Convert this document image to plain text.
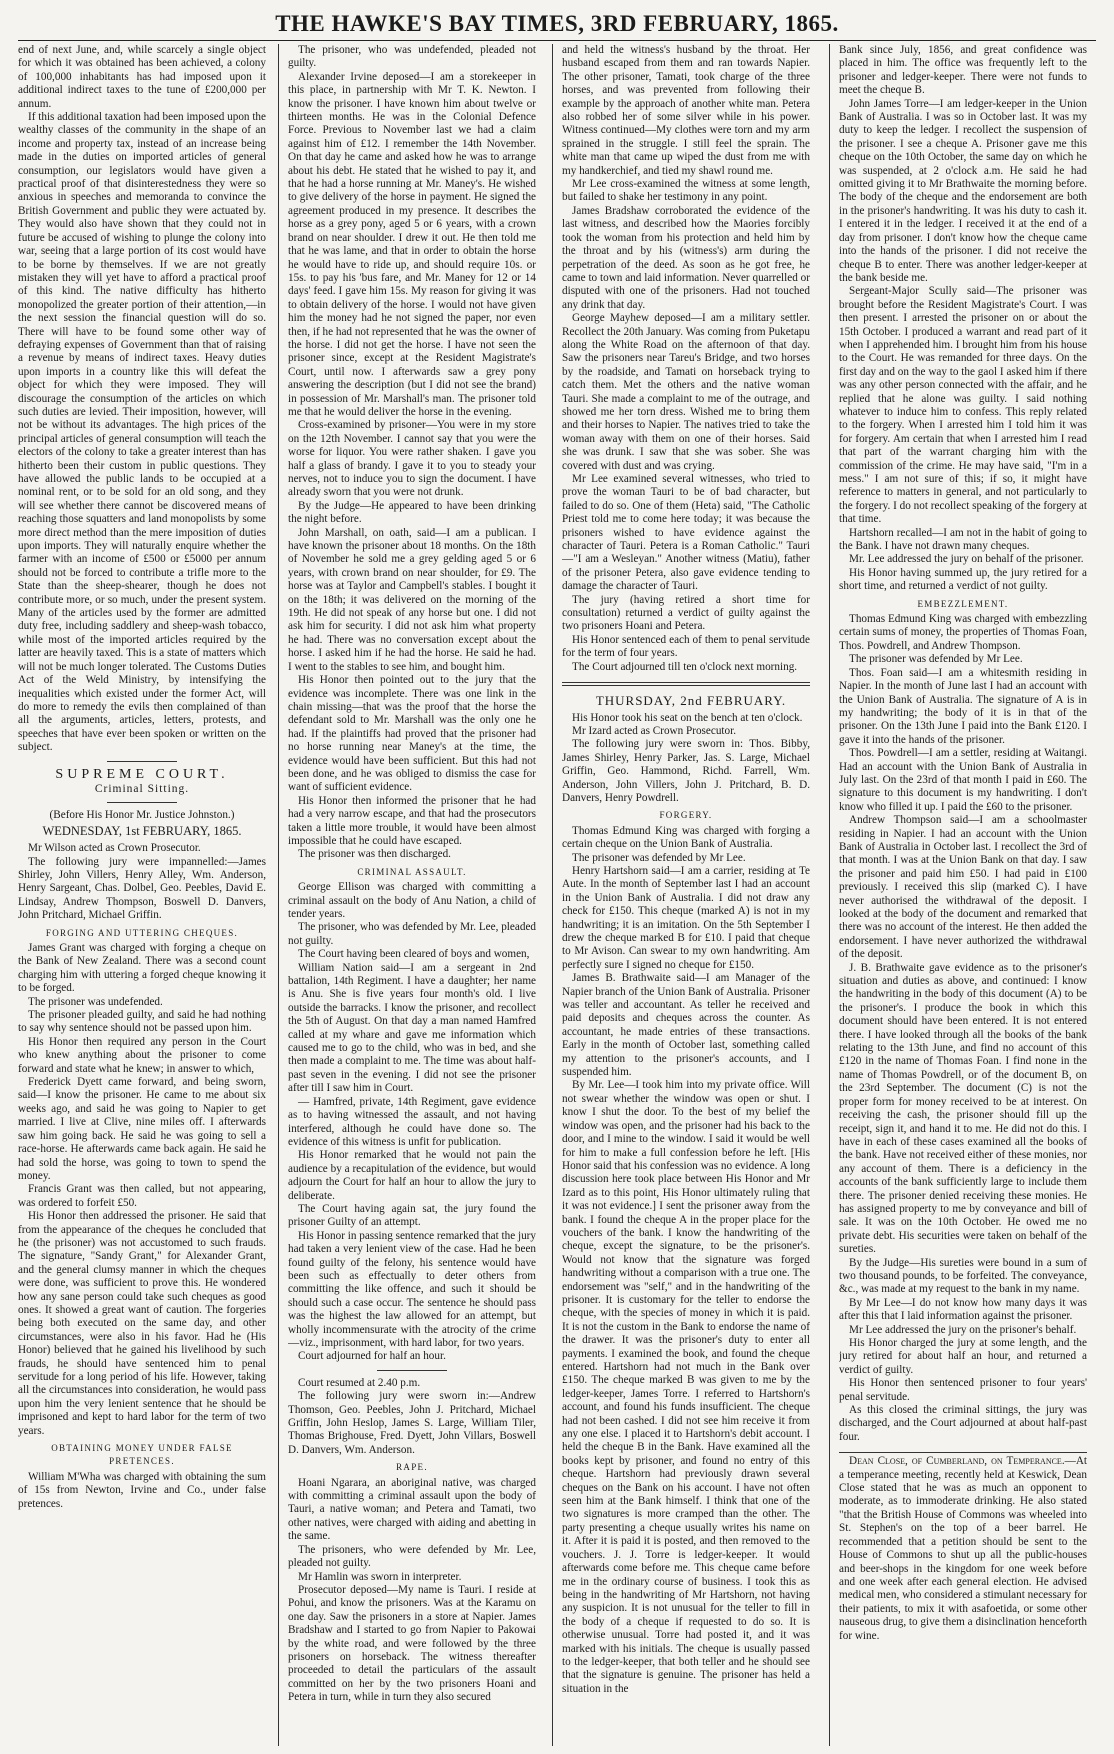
THE HAWKE'S BAY TIMES, 3RD FEBRUARY, 1865.

end of next June, and, while scarcely a single object for which it was obtained has been achieved, a colony of 100,000 inhabitants has had imposed upon it additional indirect taxes to the tune of £200,000 per annum.

If this additional taxation had been imposed upon the wealthy classes of the community in the shape of an income and property tax, instead of an increase being made in the duties on imported articles of general consumption, our legislators would have given a practical proof of that disinterestedness they were so anxious in speeches and memoranda to convince the British Government and public they were actuated by. They would also have shown that they could not in future be accused of wishing to plunge the colony into war, seeing that a large portion of its cost would have to be borne by themselves. If we are not greatly mistaken they will yet have to afford a practical proof of this kind. The native difficulty has hitherto monopolized the greater portion of their attention,—in the next session the financial question will do so. There will have to be found some other way of defraying expenses of Government than that of raising a revenue by means of indirect taxes. Heavy duties upon imports in a country like this will defeat the object for which they were imposed. They will discourage the consumption of the articles on which such duties are levied. Their imposition, however, will not be without its advantages. The high prices of the principal articles of general consumption will teach the electors of the colony to take a greater interest than has hitherto been their custom in public questions. They have allowed the public lands to be occupied at a nominal rent, or to be sold for an old song, and they will see whether there cannot be discovered means of reaching those squatters and land monopolists by some more direct method than the mere imposition of duties upon imports. They will naturally enquire whether the farmer with an income of £500 or £5000 per annum should not be forced to contribute a trifle more to the State than the sheep-shearer, though he does not contribute more, or so much, under the present system. Many of the articles used by the former are admitted duty free, including saddlery and sheep-wash tobacco, while most of the imported articles required by the latter are heavily taxed. This is a state of matters which will not be much longer tolerated. The Customs Duties Act of the Weld Ministry, by intensifying the inequalities which existed under the former Act, will do more to remedy the evils then complained of than all the arguments, articles, letters, protests, and speeches that have ever been spoken or written on the subject.

SUPREME COURT.
Criminal Sitting.

(Before His Honor Mr. Justice Johnston.)

WEDNESDAY, 1st FEBRUARY, 1865.

Mr Wilson acted as Crown Prosecutor.

The following jury were impannelled:—James Shirley, John Villers, Henry Alley, Wm. Anderson, Henry Sargeant, Chas. Dolbel, Geo. Peebles, David E. Lindsay, Andrew Thompson, Boswell D. Danvers, John Pritchard, Michael Griffin.

FORGING AND UTTERING CHEQUES.

James Grant was charged with forging a cheque on the Bank of New Zealand. There was a second count charging him with uttering a forged cheque knowing it to be forged.

The prisoner was undefended.

The prisoner pleaded guilty, and said he had nothing to say why sentence should not be passed upon him.

His Honor then required any person in the Court who knew anything about the prisoner to come forward and state what he knew; in answer to which,

Frederick Dyett came forward, and being sworn, said—I know the prisoner. He came to me about six weeks ago, and said he was going to Napier to get married. I live at Clive, nine miles off. I afterwards saw him going back. He said he was going to sell a race-horse. He afterwards came back again. He said he had sold the horse, was going to town to spend the money.

Francis Grant was then called, but not appearing, was ordered to forfeit £50.

His Honor then addressed the prisoner. He said that from the appearance of the cheques he concluded that he (the prisoner) was not accustomed to such frauds. The signature, "Sandy Grant," for Alexander Grant, and the general clumsy manner in which the cheques were done, was sufficient to prove this. He wondered how any sane person could take such cheques as good ones. It showed a great want of caution. The forgeries being both executed on the same day, and other circumstances, were also in his favor. Had he (His Honor) believed that he gained his livelihood by such frauds, he should have sentenced him to penal servitude for a long period of his life. However, taking all the circumstances into consideration, he would pass upon him the very lenient sentence that he should be imprisoned and kept to hard labor for the term of two years.

OBTAINING MONEY UNDER FALSE PRETENCES.

William M'Wha was charged with obtaining the sum of 15s from Newton, Irvine and Co., under false pretences.

The prisoner, who was undefended, pleaded not guilty.

Alexander Irvine deposed—I am a storekeeper in this place, in partnership with Mr T. K. Newton. I know the prisoner. I have known him about twelve or thirteen months. He was in the Colonial Defence Force. Previous to November last we had a claim against him of £12. I remember the 14th November. On that day he came and asked how he was to arrange about his debt. He stated that he wished to pay it, and that he had a horse running at Mr. Maney's. He wished to give delivery of the horse in payment. He signed the agreement produced in my presence. It describes the horse as a grey pony, aged 5 or 6 years, with a crown brand on near shoulder. I drew it out. He then told me that he was lame, and that in order to obtain the horse he would have to ride up, and should require 10s. or 15s. to pay his 'bus fare, and Mr. Maney for 12 or 14 days' feed. I gave him 15s. My reason for giving it was to obtain delivery of the horse. I would not have given him the money had he not signed the paper, nor even then, if he had not represented that he was the owner of the horse. I did not get the horse. I have not seen the prisoner since, except at the Resident Magistrate's Court, until now. I afterwards saw a grey pony answering the description (but I did not see the brand) in possession of Mr. Marshall's man. The prisoner told me that he would deliver the horse in the evening.

Cross-examined by prisoner—You were in my store on the 12th November. I cannot say that you were the worse for liquor. You were rather shaken. I gave you half a glass of brandy. I gave it to you to steady your nerves, not to induce you to sign the document. I have already sworn that you were not drunk.

By the Judge—He appeared to have been drinking the night before.

John Marshall, on oath, said—I am a publican. I have known the prisoner about 18 months. On the 18th of November he sold me a grey gelding aged 5 or 6 years, with crown brand on near shoulder, for £9. The horse was at Taylor and Campbell's stables. I bought it on the 18th; it was delivered on the morning of the 19th. He did not speak of any horse but one. I did not ask him for security. I did not ask him what property he had. There was no conversation except about the horse. I asked him if he had the horse. He said he had. I went to the stables to see him, and bought him.

His Honor then pointed out to the jury that the evidence was incomplete. There was one link in the chain missing—that was the proof that the horse the defendant sold to Mr. Marshall was the only one he had. If the plaintiffs had proved that the prisoner had no horse running near Maney's at the time, the evidence would have been sufficient. But this had not been done, and he was obliged to dismiss the case for want of sufficient evidence.

His Honor then informed the prisoner that he had had a very narrow escape, and that had the prosecutors taken a little more trouble, it would have been almost impossible that he could have escaped.

The prisoner was then discharged.

CRIMINAL ASSAULT.

George Ellison was charged with committing a criminal assault on the body of Anu Nation, a child of tender years.

The prisoner, who was defended by Mr. Lee, pleaded not guilty.

The Court having been cleared of boys and women,

William Nation said—I am a sergeant in 2nd battalion, 14th Regiment. I have a daughter; her name is Anu. She is five years four month's old. I live outside the barracks. I know the prisoner, and recollect the 5th of August. On that day a man named Hamfred called at my whare and gave me information which caused me to go to the child, who was in bed, and she then made a complaint to me. The time was about half-past seven in the evening. I did not see the prisoner after till I saw him in Court.

— Hamfred, private, 14th Regiment, gave evidence as to having witnessed the assault, and not having interfered, although he could have done so. The evidence of this witness is unfit for publication.

His Honor remarked that he would not pain the audience by a recapitulation of the evidence, but would adjourn the Court for half an hour to allow the jury to deliberate.

The Court having again sat, the jury found the prisoner Guilty of an attempt.

His Honor in passing sentence remarked that the jury had taken a very lenient view of the case. Had he been found guilty of the felony, his sentence would have been such as effectually to deter others from committing the like offence, and such it should be should such a case occur. The sentence he should pass was the highest the law allowed for an attempt, but wholly incommensurate with the atrocity of the crime—viz., imprisonment, with hard labor, for two years.

Court adjourned for half an hour.

Court resumed at 2.40 p.m.

The following jury were sworn in:—Andrew Thomson, Geo. Peebles, John J. Pritchard, Michael Griffin, John Heslop, James S. Large, William Tiler, Thomas Brighouse, Fred. Dyett, John Villars, Boswell D. Danvers, Wm. Anderson.

RAPE.

Hoani Ngarara, an aboriginal native, was charged with committing a criminal assault upon the body of Tauri, a native woman; and Petera and Tamati, two other natives, were charged with aiding and abetting in the same.

The prisoners, who were defended by Mr. Lee, pleaded not guilty.

Mr Hamlin was sworn in interpreter.

Prosecutor deposed—My name is Tauri. I reside at Pohui, and know the prisoners. Was at the Karamu on one day. Saw the prisoners in a store at Napier. James Bradshaw and I started to go from Napier to Pakowai by the white road, and were followed by the three prisoners on horseback. The witness thereafter proceeded to detail the particulars of the assault committed on her by the two prisoners Hoani and Petera in turn, while in turn they also secured

and held the witness's husband by the throat. Her husband escaped from them and ran towards Napier. The other prisoner, Tamati, took charge of the three horses, and was prevented from following their example by the approach of another white man. Petera also robbed her of some silver while in his power. Witness continued—My clothes were torn and my arm sprained in the struggle. I still feel the sprain. The white man that came up wiped the dust from me with my handkerchief, and tied my shawl round me.

Mr Lee cross-examined the witness at some length, but failed to shake her testimony in any point.

James Bradshaw corroborated the evidence of the last witness, and described how the Maories forcibly took the woman from his protection and held him by the throat and by his (witness's) arm during the perpetration of the deed. As soon as he got free, he came to town and laid information. Never quarrelled or disputed with one of the prisoners. Had not touched any drink that day.

George Mayhew deposed—I am a military settler. Recollect the 20th January. Was coming from Puketapu along the White Road on the afternoon of that day. Saw the prisoners near Tareu's Bridge, and two horses by the roadside, and Tamati on horseback trying to catch them. Met the others and the native woman Tauri. She made a complaint to me of the outrage, and showed me her torn dress. Wished me to bring them and their horses to Napier. The natives tried to take the woman away with them on one of their horses. Said she was drunk. I saw that she was sober. She was covered with dust and was crying.

Mr Lee examined several witnesses, who tried to prove the woman Tauri to be of bad character, but failed to do so. One of them (Heta) said, "The Catholic Priest told me to come here today; it was because the prisoners wished to have evidence against the character of Tauri. Petera is a Roman Catholic." Tauri—"I am a Wesleyan." Another witness (Matiu), father of the prisoner Petera, also gave evidence tending to damage the character of Tauri.

The jury (having retired a short time for consultation) returned a verdict of guilty against the two prisoners Hoani and Petera.

His Honor sentenced each of them to penal servitude for the term of four years.

The Court adjourned till ten o'clock next morning.

THURSDAY, 2nd FEBRUARY.

His Honor took his seat on the bench at ten o'clock.

Mr Izard acted as Crown Prosecutor.

The following jury were sworn in: Thos. Bibby, James Shirley, Henry Parker, Jas. S. Large, Michael Griffin, Geo. Hammond, Richd. Farrell, Wm. Anderson, John Villers, John J. Pritchard, B. D. Danvers, Henry Powdrell.

FORGERY.

Thomas Edmund King was charged with forging a certain cheque on the Union Bank of Australia.

The prisoner was defended by Mr Lee.

Henry Hartshorn said—I am a carrier, residing at Te Aute. In the month of September last I had an account in the Union Bank of Australia. I did not draw any check for £150. This cheque (marked A) is not in my handwriting; it is an imitation. On the 5th September I drew the cheque marked B for £10. I paid that cheque to Mr Avison. Can swear to my own handwriting. Am perfectly sure I signed no cheque for £150.

James B. Brathwaite said—I am Manager of the Napier branch of the Union Bank of Australia. Prisoner was teller and accountant. As teller he received and paid deposits and cheques across the counter. As accountant, he made entries of these transactions. Early in the month of October last, something called my attention to the prisoner's accounts, and I suspended him.

By Mr. Lee—I took him into my private office. Will not swear whether the window was open or shut. I know I shut the door. To the best of my belief the window was open, and the prisoner had his back to the door, and I mine to the window. I said it would be well for him to make a full confession before he left. [His Honor said that his confession was no evidence. A long discussion here took place between His Honor and Mr Izard as to this point, His Honor ultimately ruling that it was not evidence.] I sent the prisoner away from the bank. I found the cheque A in the proper place for the vouchers of the bank. I know the handwriting of the cheque, except the signature, to be the prisoner's. Would not know that the signature was forged handwriting without a comparison with a true one. The endorsement was "self," and in the handwriting of the prisoner. It is customary for the teller to endorse the cheque, with the species of money in which it is paid. It is not the custom in the Bank to endorse the name of the drawer. It was the prisoner's duty to enter all payments. I examined the book, and found the cheque entered. Hartshorn had not much in the Bank over £150. The cheque marked B was given to me by the ledger-keeper, James Torre. I referred to Hartshorn's account, and found his funds insufficient. The cheque had not been cashed. I did not see him receive it from any one else. I placed it to Hartshorn's debit account. I held the cheque B in the Bank. Have examined all the books kept by prisoner, and found no entry of this cheque. Hartshorn had previously drawn several cheques on the Bank on his account. I have not often seen him at the Bank himself. I think that one of the two signatures is more cramped than the other. The party presenting a cheque usually writes his name on it. After it is paid it is posted, and then removed to the vouchers. J. J. Torre is ledger-keeper. It would afterwards come before me. This cheque came before me in the ordinary course of business. I took this as being in the handwriting of Mr Hartshorn, not having any suspicion. It is not unusual for the teller to fill in the body of a cheque if requested to do so. It is otherwise unusual. Torre had posted it, and it was marked with his initials. The cheque is usually passed to the ledger-keeper, that both teller and he should see that the signature is genuine. The prisoner has held a situation in the

Bank since July, 1856, and great confidence was placed in him. The office was frequently left to the prisoner and ledger-keeper. There were not funds to meet the cheque B.

John James Torre—I am ledger-keeper in the Union Bank of Australia. I was so in October last. It was my duty to keep the ledger. I recollect the suspension of the prisoner. I see a cheque A. Prisoner gave me this cheque on the 10th October, the same day on which he was suspended, at 2 o'clock a.m. He said he had omitted giving it to Mr Brathwaite the morning before. The body of the cheque and the endorsement are both in the prisoner's handwriting. It was his duty to cash it. I entered it in the ledger. I received it at the end of a day from prisoner. I don't know how the cheque came into the hands of the prisoner. I did not receive the cheque B to enter. There was another ledger-keeper at the bank beside me.

Sergeant-Major Scully said—The prisoner was brought before the Resident Magistrate's Court. I was then present. I arrested the prisoner on or about the 15th October. I produced a warrant and read part of it when I apprehended him. I brought him from his house to the Court. He was remanded for three days. On the first day and on the way to the gaol I asked him if there was any other person connected with the affair, and he replied that he alone was guilty. I said nothing whatever to induce him to confess. This reply related to the forgery. When I arrested him I told him it was for forgery. Am certain that when I arrested him I read that part of the warrant charging him with the commission of the crime. He may have said, "I'm in a mess." I am not sure of this; if so, it might have reference to matters in general, and not particularly to the forgery. I do not recollect speaking of the forgery at that time.

Hartshorn recalled—I am not in the habit of going to the Bank. I have not drawn many cheques.

Mr. Lee addressed the jury on behalf of the prisoner.

His Honor having summed up, the jury retired for a short time, and returned a verdict of not guilty.

EMBEZZLEMENT.

Thomas Edmund King was charged with embezzling certain sums of money, the properties of Thomas Foan, Thos. Powdrell, and Andrew Thompson.

The prisoner was defended by Mr Lee.

Thos. Foan said—I am a whitesmith residing in Napier. In the month of June last I had an account with the Union Bank of Australia. The signature of A is in my handwriting; the body of it is in that of the prisoner. On the 13th June I paid into the Bank £120. I gave it into the hands of the prisoner.

Thos. Powdrell—I am a settler, residing at Waitangi. Had an account with the Union Bank of Australia in July last. On the 23rd of that month I paid in £60. The signature to this document is my handwriting. I don't know who filled it up. I paid the £60 to the prisoner.

Andrew Thompson said—I am a schoolmaster residing in Napier. I had an account with the Union Bank of Australia in October last. I recollect the 3rd of that month. I was at the Union Bank on that day. I saw the prisoner and paid him £50. I had paid in £100 previously. I received this slip (marked C). I have never authorised the withdrawal of the deposit. I looked at the body of the document and remarked that there was no account of the interest. He then added the endorsement. I have never authorized the withdrawal of the deposit.

J. B. Brathwaite gave evidence as to the prisoner's situation and duties as above, and continued: I know the handwriting in the body of this document (A) to be the prisoner's. I produce the book in which this document should have been entered. It is not entered there. I have looked through all the books of the bank relating to the 13th June, and find no account of this £120 in the name of Thomas Foan. I find none in the name of Thomas Powdrell, or of the document B, on the 23rd September. The document (C) is not the proper form for money received to be at interest. On receiving the cash, the prisoner should fill up the receipt, sign it, and hand it to me. He did not do this. I have in each of these cases examined all the books of the bank. Have not received either of these monies, nor any account of them. There is a deficiency in the accounts of the bank sufficiently large to include them there. The prisoner denied receiving these monies. He has assigned property to me by conveyance and bill of sale. It was on the 10th October. He owed me no private debt. His securities were taken on behalf of the sureties.

By the Judge—His sureties were bound in a sum of two thousand pounds, to be forfeited. The conveyance, &c., was made at my request to the bank in my name.

By Mr Lee—I do not know how many days it was after this that I laid information against the prisoner.

Mr Lee addressed the jury on the prisoner's behalf.

His Honor charged the jury at some length, and the jury retired for about half an hour, and returned a verdict of guilty.

His Honor then sentenced prisoner to four years' penal servitude.

As this closed the criminal sittings, the jury was discharged, and the Court adjourned at about half-past four.

Dean Close, of Cumberland, on Temperance.—At a temperance meeting, recently held at Keswick, Dean Close stated that he was as much an opponent to moderate, as to immoderate drinking. He also stated "that the British House of Commons was wheeled into St. Stephen's on the top of a beer barrel. He recommended that a petition should be sent to the House of Commons to shut up all the public-houses and beer-shops in the kingdom for one week before and one week after each general election. He advised medical men, who considered a stimulant necessary for their patients, to mix it with asafoetida, or some other nauseous drug, to give them a disinclination henceforth for wine.
